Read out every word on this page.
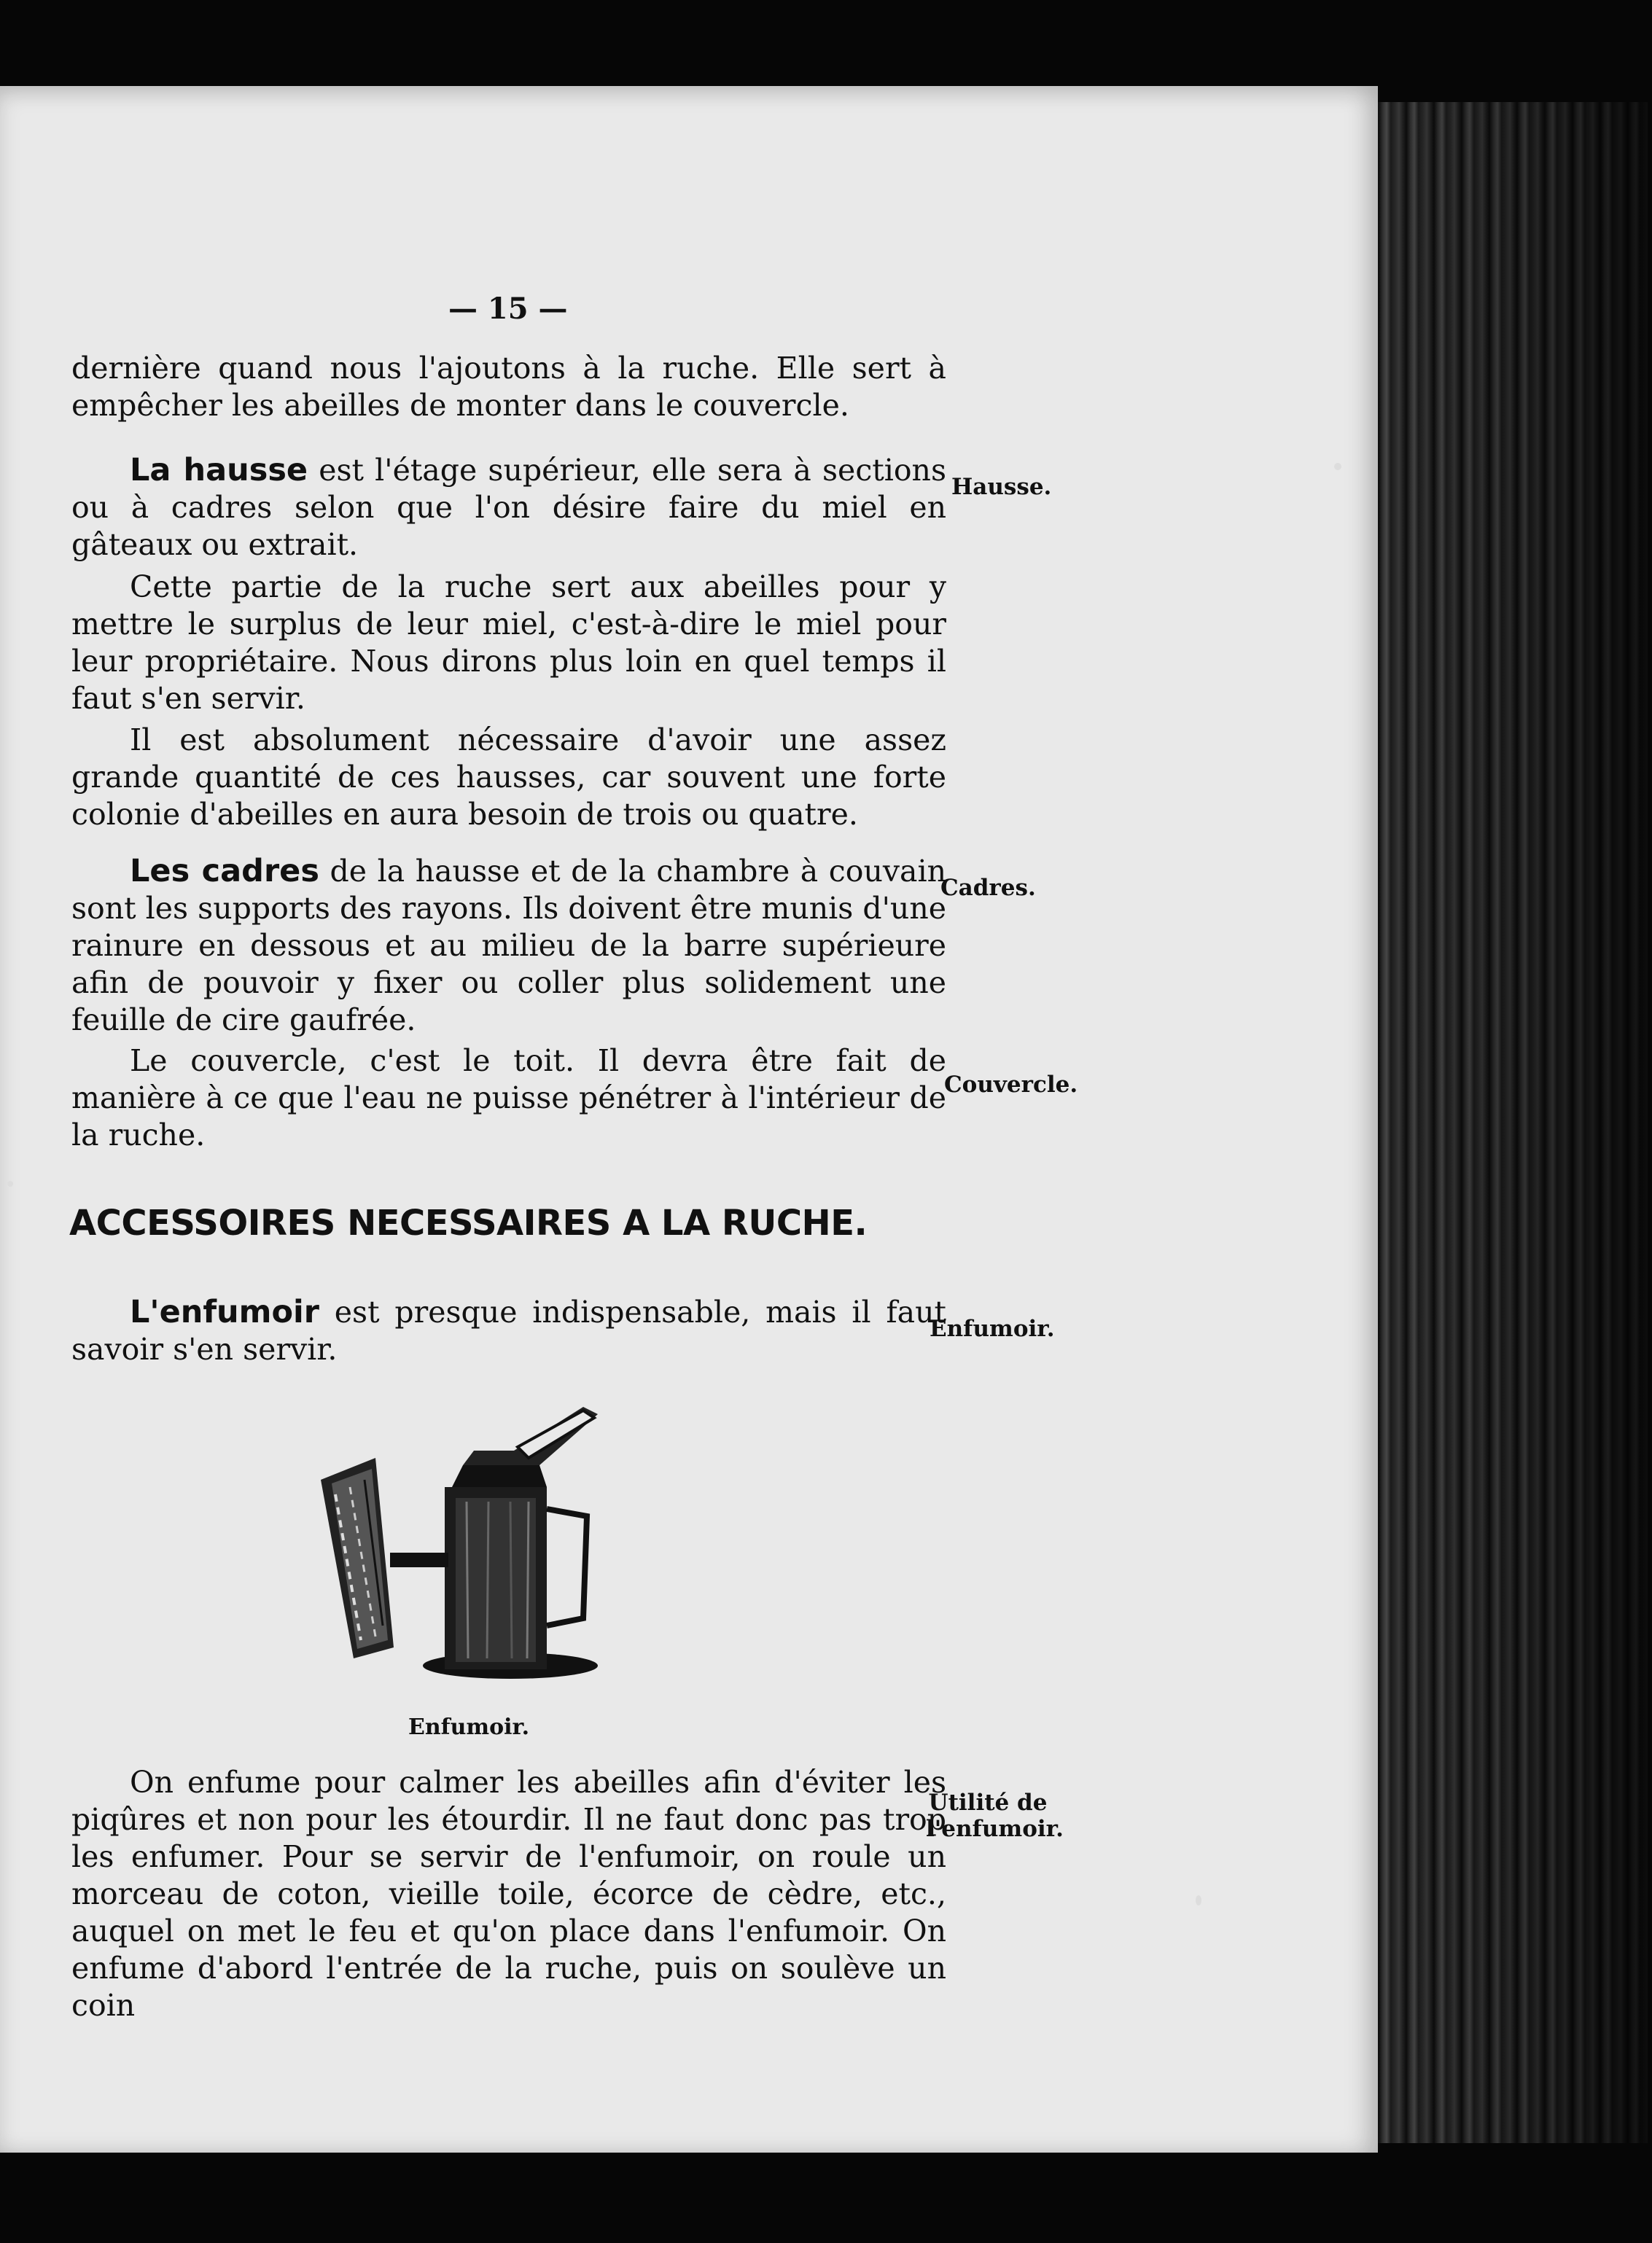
— 15 —

dernière quand nous l'ajoutons à la ruche. Elle sert à empêcher les abeilles de monter dans le couvercle.

La hausse est l'étage supérieur, elle sera à sections ou à cadres selon que l'on désire faire du miel en gâteaux ou extrait.

Hausse.

Cette partie de la ruche sert aux abeilles pour y mettre le surplus de leur miel, c'est-à-dire le miel pour leur propriétaire. Nous dirons plus loin en quel temps il faut s'en servir.

Il est absolument nécessaire d'avoir une assez grande quantité de ces hausses, car souvent une forte colonie d'abeilles en aura besoin de trois ou quatre.

Les cadres de la hausse et de la chambre à couvain sont les supports des rayons. Ils doivent être munis d'une rainure en dessous et au milieu de la barre supérieure afin de pouvoir y fixer ou coller plus solidement une feuille de cire gaufrée.

Cadres.

Le couvercle, c'est le toit. Il devra être fait de manière à ce que l'eau ne puisse pénétrer à l'intérieur de la ruche.

Couvercle.
ACCESSOIRES NECESSAIRES A LA RUCHE.

L'enfumoir est presque indispensable, mais il faut savoir s'en servir.

Enfumoir.
Enfumoir.

On enfume pour calmer les abeilles afin d'éviter les piqûres et non pour les étourdir. Il ne faut donc pas trop les enfumer. Pour se servir de l'enfumoir, on roule un morceau de coton, vieille toile, écorce de cèdre, etc., auquel on met le feu et qu'on place dans l'enfumoir. On enfume d'abord l'entrée de la ruche, puis on soulève un coin

Utilité de l'enfumoir.
